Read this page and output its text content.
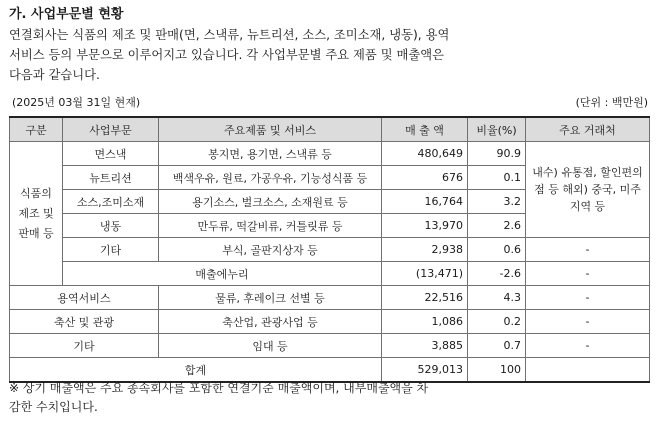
가. 사업부문별 현황
연결회사는 식품의 제조 및 판매(면, 스낵류, 뉴트리션, 소스, 조미소재, 냉동), 용역
서비스 등의 부문으로 이루어지고 있습니다. 각 사업부문별 주요 제품 및 매출액은
다음과 같습니다.
(2025년 03월 31일 현재)	(단위 : 백만원)
구분	사업부문	주요제품 및 서비스	매 출 액	비율(%)	주요 거래처
식품의 제조 및 판매 등	면스낵	봉지면, 용기면, 스낵류 등	480,649	90.9	내수) 유통점, 할인편의점 등 해외) 중국, 미주 지역 등
	뉴트리션	백색우유, 원료, 가공우유, 기능성식품 등	676	0.1	
	소스,조미소재	용기소스, 벌크소스, 소재원료 등	16,764	3.2	
	냉동	만두류, 떡갈비류, 커틀릿류 등	13,970	2.6	
	기타	부식, 골판지상자 등	2,938	0.6	-
	매출에누리		(13,471)	-2.6	-
용역서비스		물류, 후레이크 선별 등	22,516	4.3	-
축산 및 관광		축산업, 관광사업 등	1,086	0.2	-
기타		임대 등	3,885	0.7	-
합계			529,013	100	
※ 상기 매출액은 주요 종속회사를 포함한 연결기준 매출액이며, 내부매출액을 차
감한 수치입니다.
